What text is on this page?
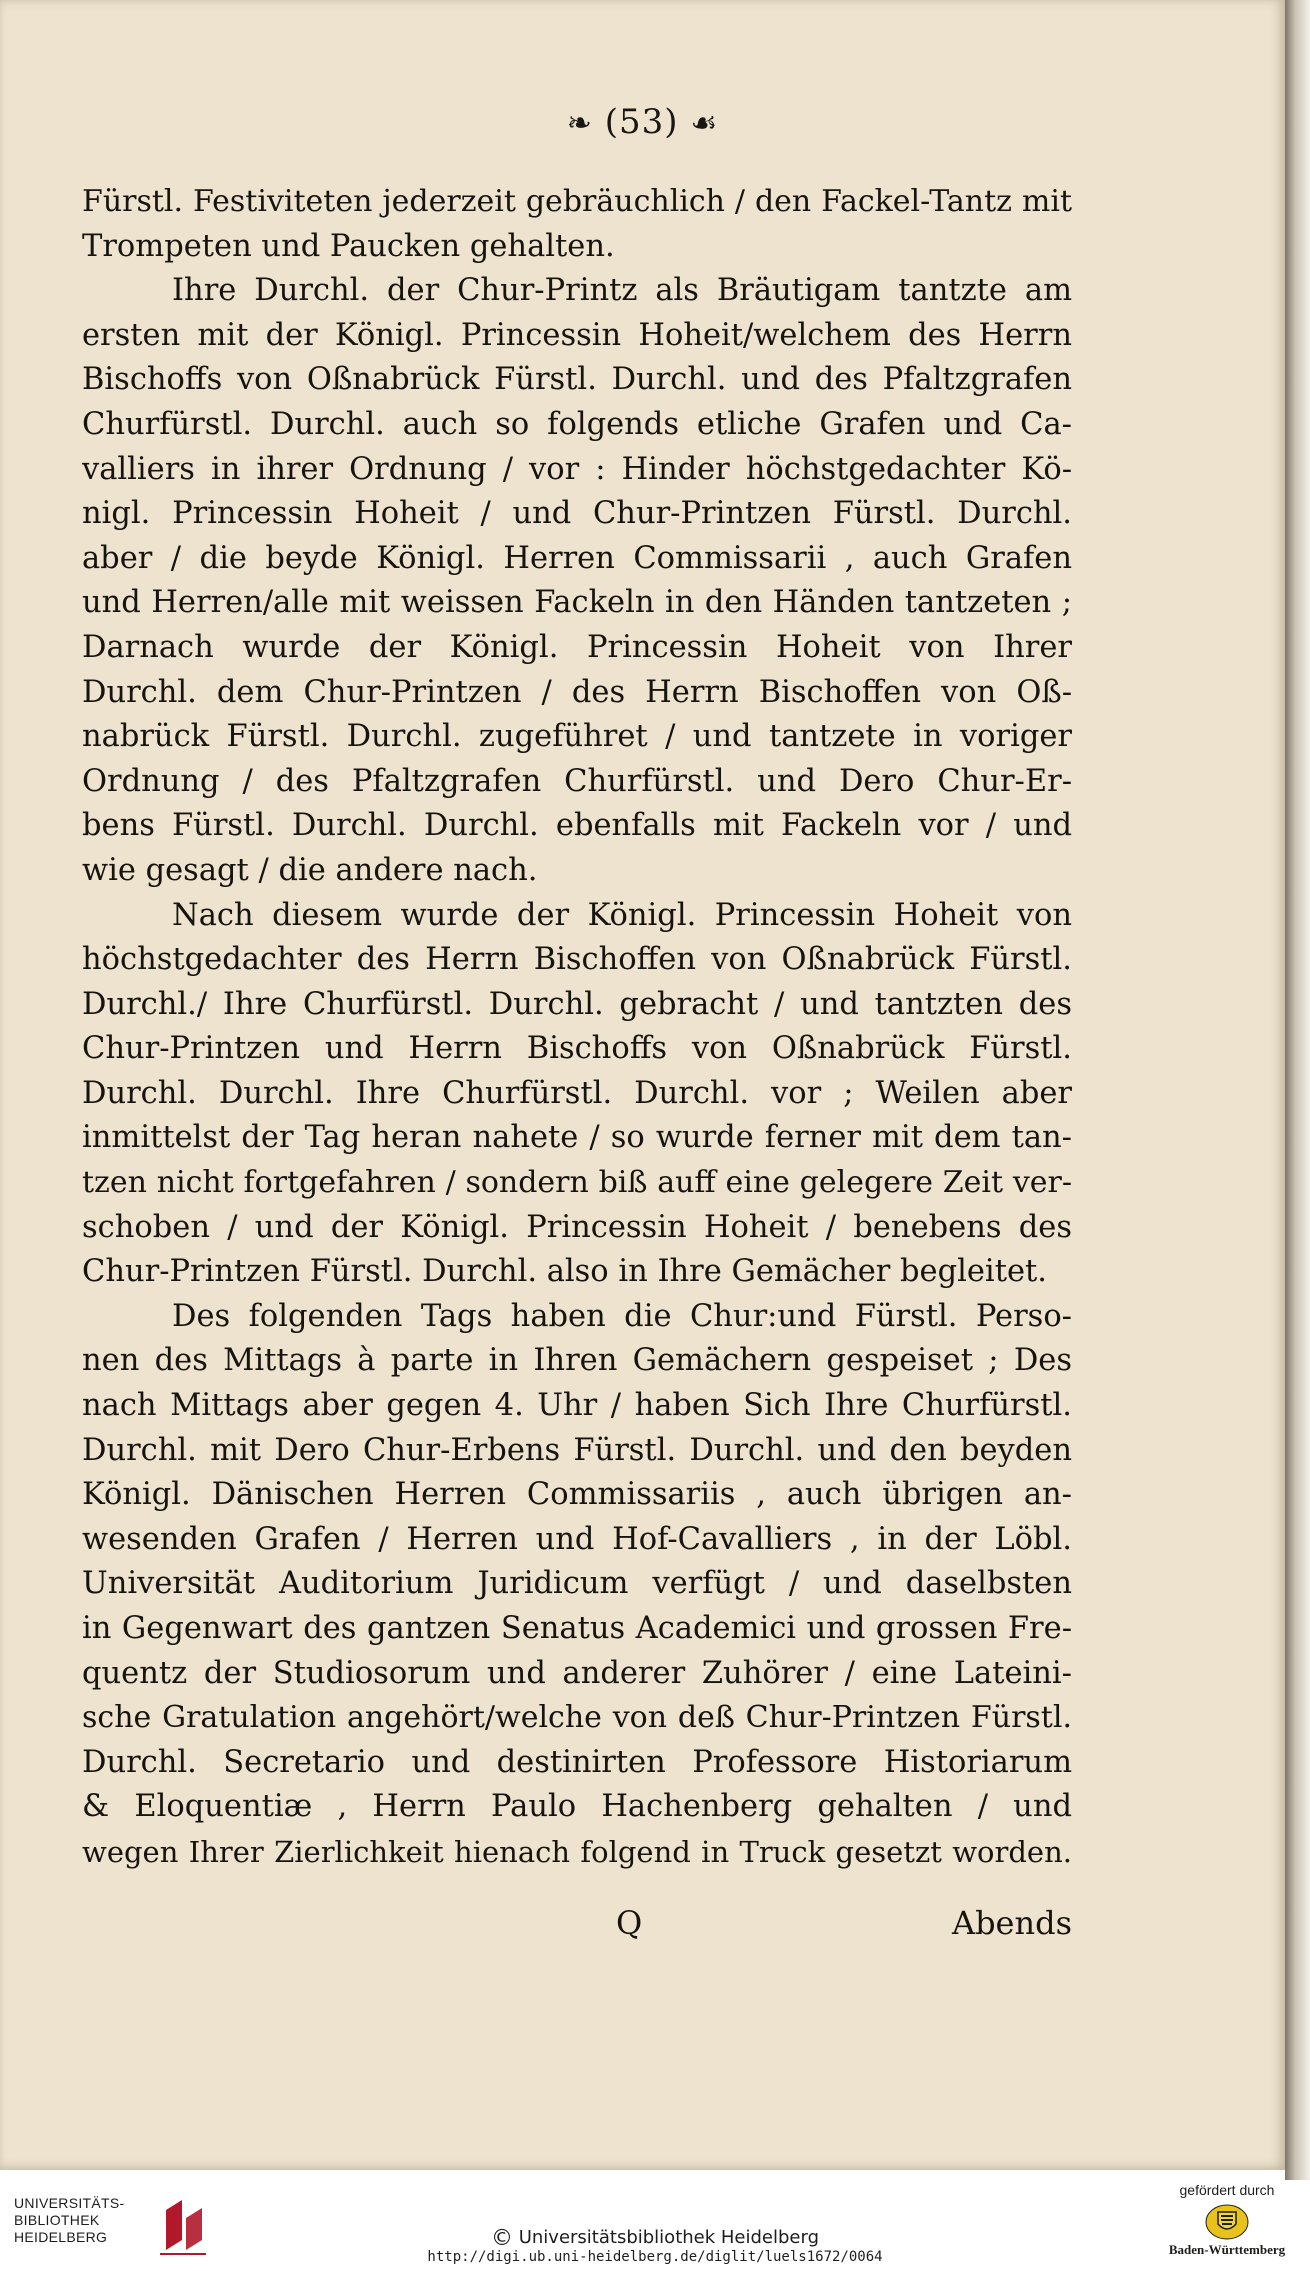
❧ (53) ☙
Fürstl. Festiviteten jederzeit gebräuchlich / den Fackel-Tantz mit
Trompeten und Paucken gehalten.
Ihre Durchl. der Chur-Printz als Bräutigam tantzte am
ersten mit der Königl. Princessin Hoheit/welchem des Herrn
Bischoffs von Oßnabrück Fürstl. Durchl. und des Pfaltzgrafen
Churfürstl. Durchl. auch so folgends etliche Grafen und Ca-
valliers in ihrer Ordnung / vor : Hinder höchstgedachter Kö-
nigl. Princessin Hoheit / und Chur-Printzen Fürstl. Durchl.
aber / die beyde Königl. Herren Commissarii , auch Grafen
und Herren/alle mit weissen Fackeln in den Händen tantzeten ;
Darnach wurde der Königl. Princessin Hoheit von Ihrer
Durchl. dem Chur-Printzen / des Herrn Bischoffen von Oß-
nabrück Fürstl. Durchl. zugeführet / und tantzete in voriger
Ordnung / des Pfaltzgrafen Churfürstl. und Dero Chur-Er-
bens Fürstl. Durchl. Durchl. ebenfalls mit Fackeln vor / und
wie gesagt / die andere nach.
Nach diesem wurde der Königl. Princessin Hoheit von
höchstgedachter des Herrn Bischoffen von Oßnabrück Fürstl.
Durchl./ Ihre Churfürstl. Durchl. gebracht / und tantzten des
Chur-Printzen und Herrn Bischoffs von Oßnabrück Fürstl.
Durchl. Durchl. Ihre Churfürstl. Durchl. vor ; Weilen aber
inmittelst der Tag heran nahete / so wurde ferner mit dem tan-
tzen nicht fortgefahren / sondern biß auff eine gelegere Zeit ver-
schoben / und der Königl. Princessin Hoheit / benebens des
Chur-Printzen Fürstl. Durchl. also in Ihre Gemächer begleitet.
Des folgenden Tags haben die Chur:und Fürstl. Perso-
nen des Mittags à parte in Ihren Gemächern gespeiset ; Des
nach Mittags aber gegen 4. Uhr / haben Sich Ihre Churfürstl.
Durchl. mit Dero Chur-Erbens Fürstl. Durchl. und den beyden
Königl. Dänischen Herren Commissariis , auch übrigen an-
wesenden Grafen / Herren und Hof-Cavalliers , in der Löbl.
Universität Auditorium Juridicum verfügt / und daselbsten
in Gegenwart des gantzen Senatus Academici und grossen Fre-
quentz der Studiosorum und anderer Zuhörer / eine Lateini-
sche Gratulation angehört/welche von deß Chur-Printzen Fürstl.
Durchl. Secretario und destinirten Professore Historiarum
& Eloquentiæ , Herrn Paulo Hachenberg gehalten / und
wegen Ihrer Zierlichkeit hienach folgend in Truck gesetzt worden.
Q	Abends
UNIVERSITÄTS-
BIBLIOTHEK
HEIDELBERG	© Universitätsbibliothek Heidelberg
http://digi.ub.uni-heidelberg.de/diglit/luels1672/0064
gefördert durch
Baden-Württemberg
